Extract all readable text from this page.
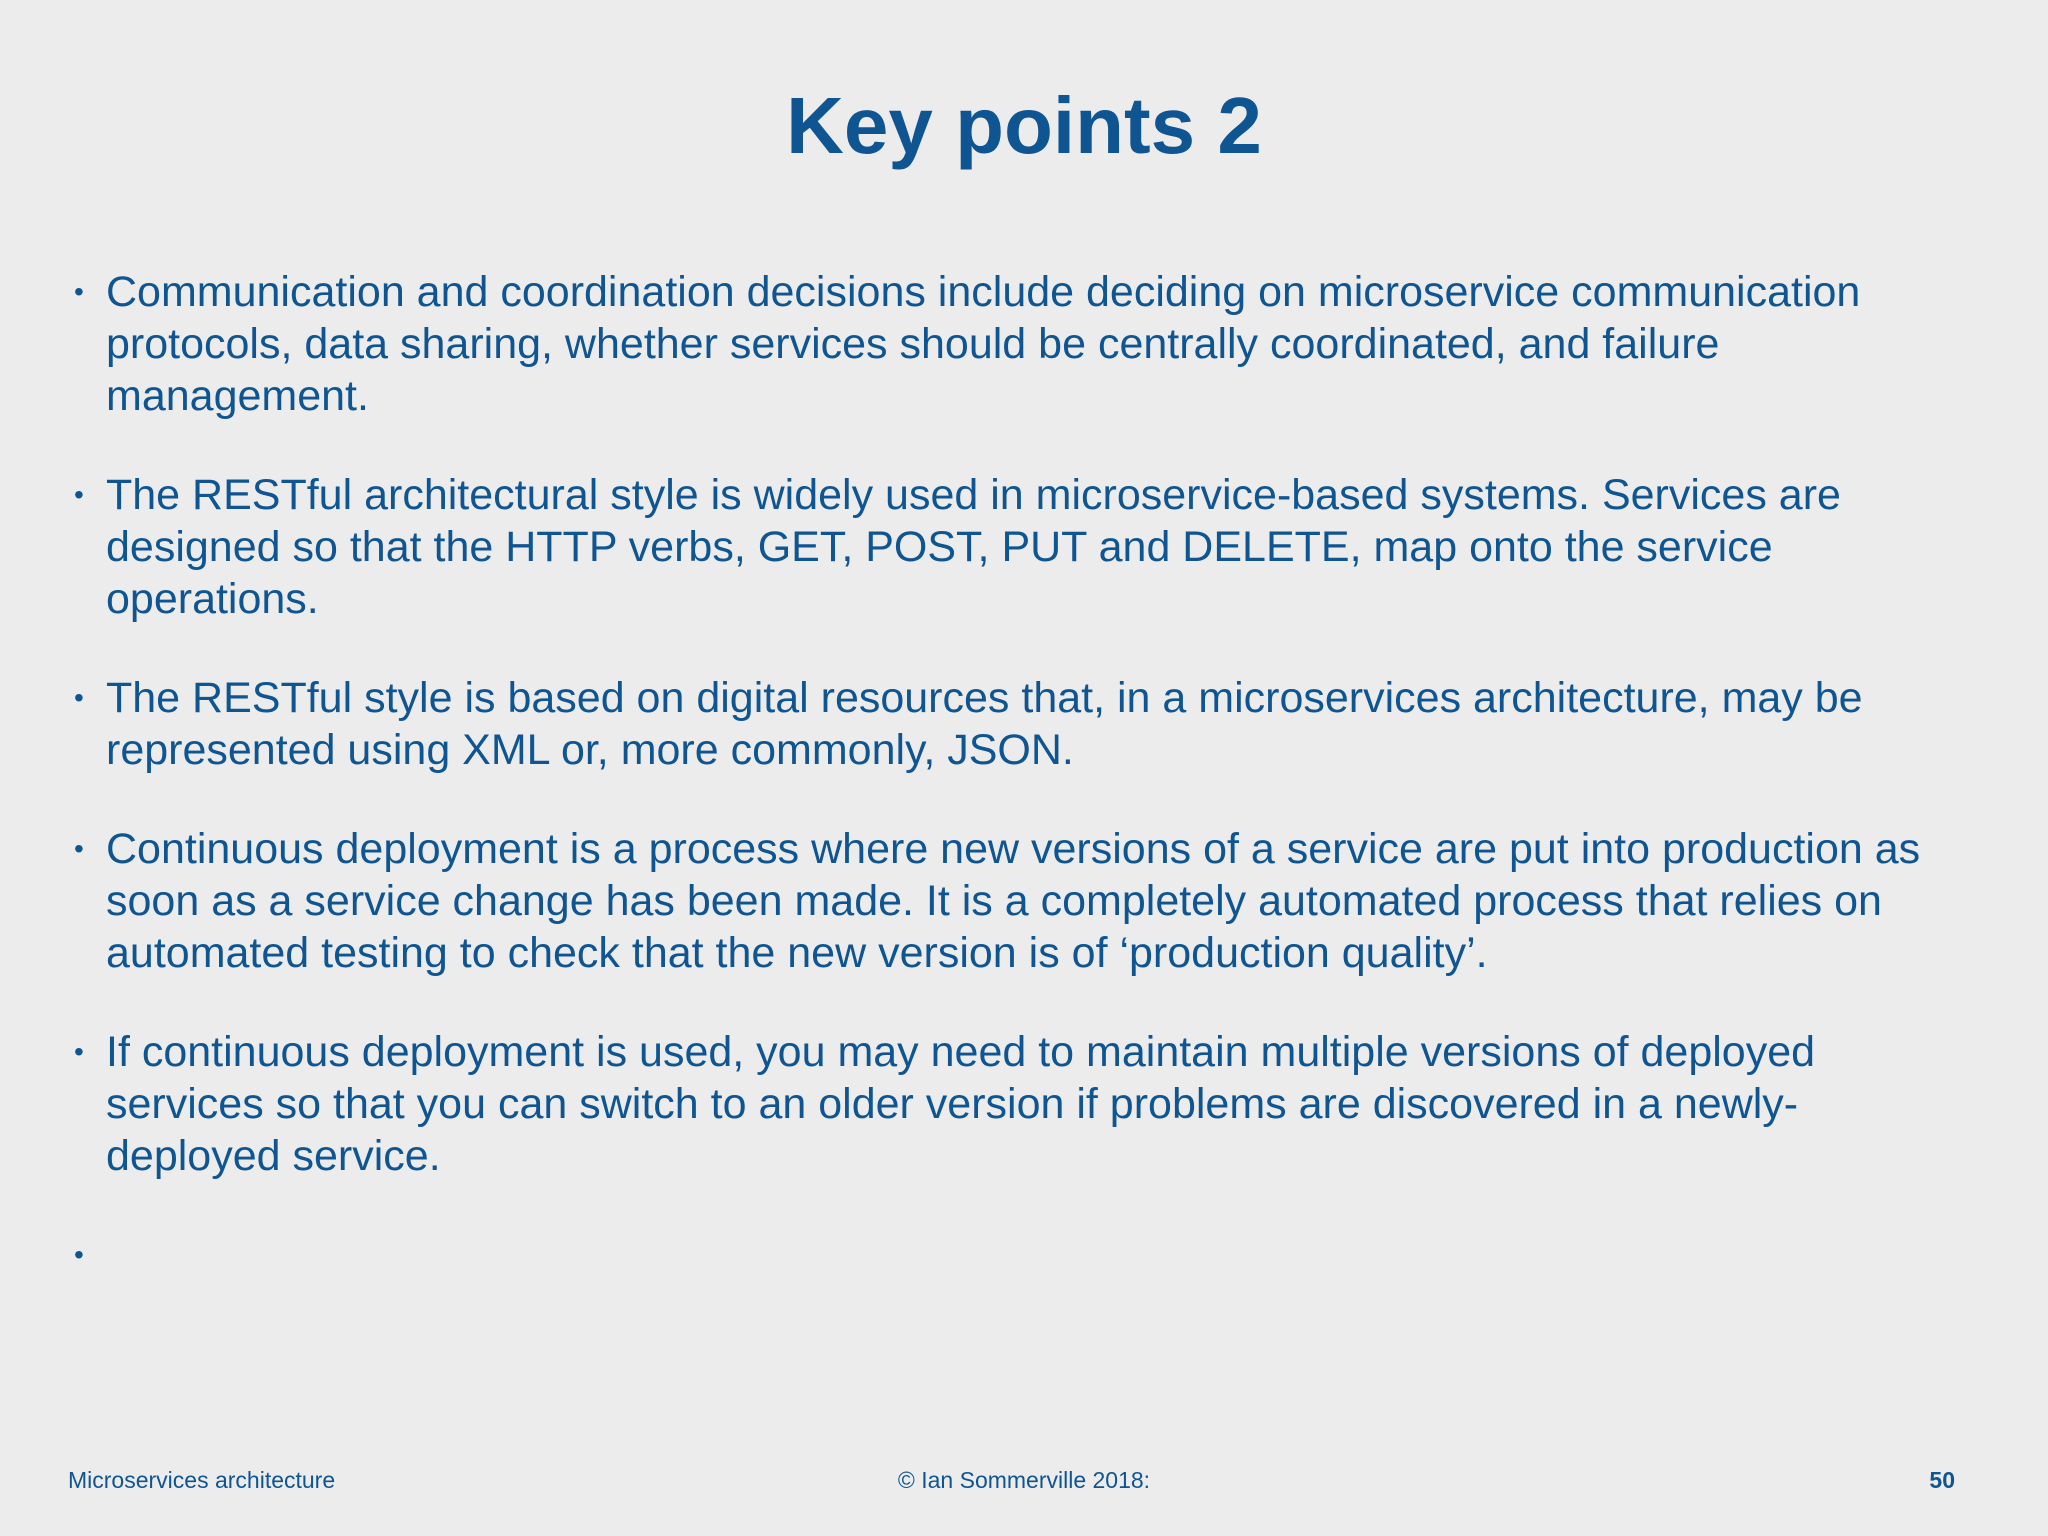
Key points 2
• Communication and coordination decisions include deciding on microservice communication protocols, data sharing, whether services should be centrally coordinated, and failure management.
• The RESTful architectural style is widely used in microservice-based systems. Services are designed so that the HTTP verbs, GET, POST, PUT and DELETE, map onto the service operations.
• The RESTful style is based on digital resources that, in a microservices architecture, may be represented using XML or, more commonly, JSON.
• Continuous deployment is a process where new versions of a service are put into production as soon as a service change has been made. It is a completely automated process that relies on automated testing to check that the new version is of ‘production quality’.
• If continuous deployment is used, you may need to maintain multiple versions of deployed services so that you can switch to an older version if problems are discovered in a newly-deployed service.
•
Microservices architecture	© Ian Sommerville 2018:	50
